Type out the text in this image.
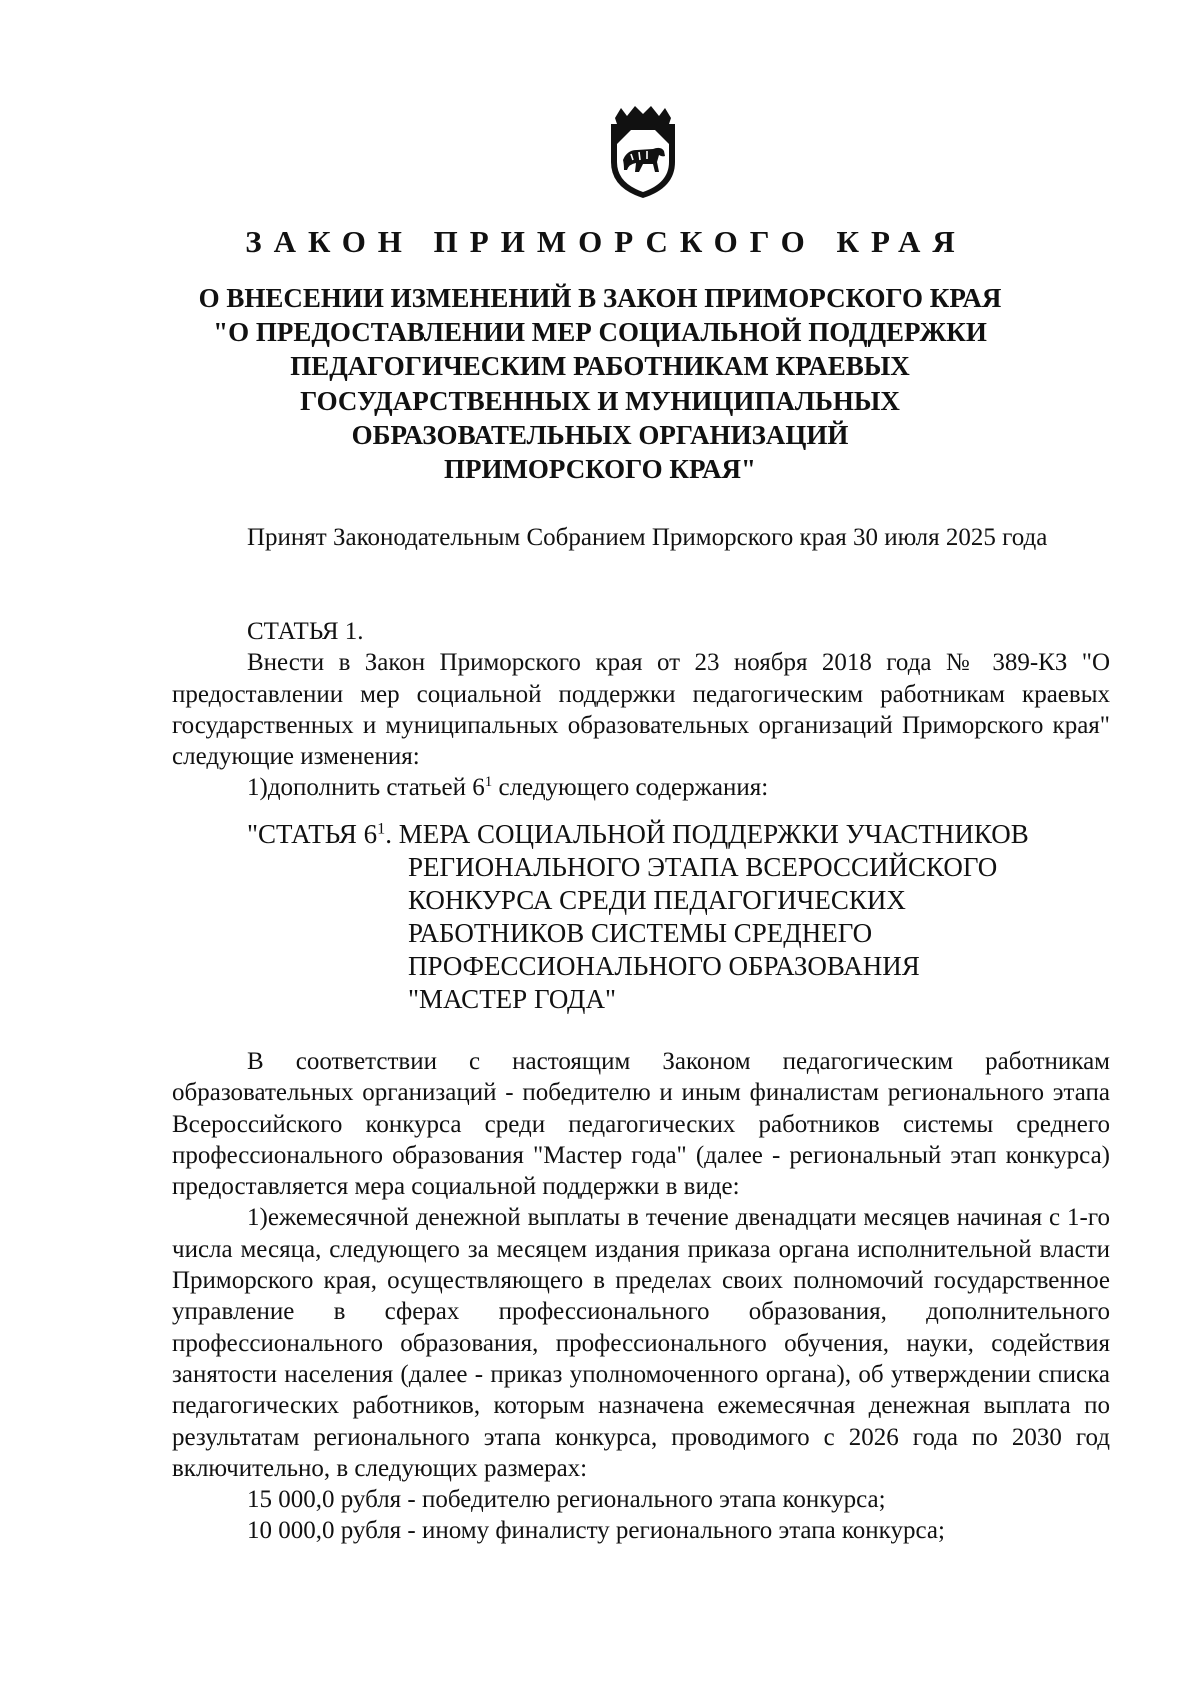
ЗАКОН ПРИМОРСКОГО КРАЯ
О ВНЕСЕНИИ ИЗМЕНЕНИЙ В ЗАКОН ПРИМОРСКОГО КРАЯ
"О ПРЕДОСТАВЛЕНИИ МЕР СОЦИАЛЬНОЙ ПОДДЕРЖКИ
ПЕДАГОГИЧЕСКИМ РАБОТНИКАМ КРАЕВЫХ
ГОСУДАРСТВЕННЫХ И МУНИЦИПАЛЬНЫХ
ОБРАЗОВАТЕЛЬНЫХ ОРГАНИЗАЦИЙ
ПРИМОРСКОГО КРАЯ"

Принят Законодательным Собранием Приморского края 30 июля 2025 года

СТАТЬЯ 1.

Внести в Закон Приморского края от 23 ноября 2018 года № 389-КЗ "О предоставлении мер социальной поддержки педагогическим работникам краевых государственных и муниципальных образовательных организаций Приморского края" следующие изменения:

1)дополнить статьей $6^1$ следующего содержания:

"СТАТЬЯ $6^1$. МЕРА СОЦИАЛЬНОЙ ПОДДЕРЖКИ УЧАСТНИКОВ
РЕГИОНАЛЬНОГО ЭТАПА ВСЕРОССИЙСКОГО
КОНКУРСА СРЕДИ ПЕДАГОГИЧЕСКИХ
РАБОТНИКОВ СИСТЕМЫ СРЕДНЕГО
ПРОФЕССИОНАЛЬНОГО ОБРАЗОВАНИЯ
"МАСТЕР ГОДА"

В соответствии с настоящим Законом педагогическим работникам образовательных организаций - победителю и иным финалистам регионального этапа Всероссийского конкурса среди педагогических работников системы среднего профессионального образования "Мастер года" (далее - региональный этап конкурса) предоставляется мера социальной поддержки в виде:

1)ежемесячной денежной выплаты в течение двенадцати месяцев начиная с 1-го числа месяца, следующего за месяцем издания приказа органа исполнительной власти Приморского края, осуществляющего в пределах своих полномочий государственное управление в сферах профессионального образования, дополнительного профессионального образования, профессионального обучения, науки, содействия занятости населения (далее - приказ уполномоченного органа), об утверждении списка педагогических работников, которым назначена ежемесячная денежная выплата по результатам регионального этапа конкурса, проводимого с 2026 года по 2030 год включительно, в следующих размерах:

15 000,0 рубля - победителю регионального этапа конкурса;

10 000,0 рубля - иному финалисту регионального этапа конкурса;
